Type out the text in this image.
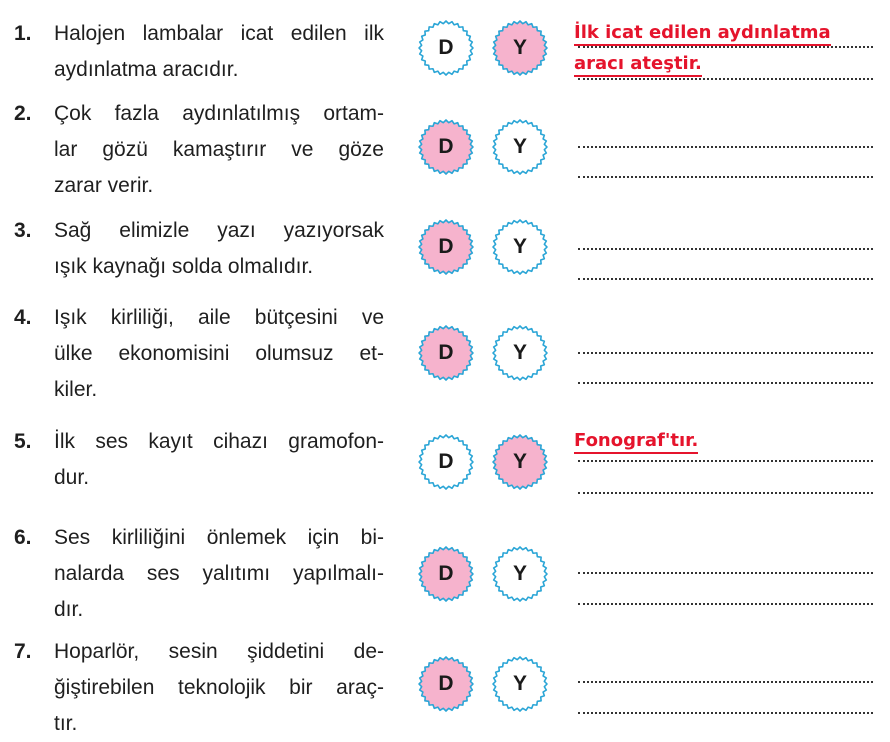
1. Halojen lambalar icat edilen ilk
aydınlatma aracıdır.
D	Y
İlk icat edilen aydınlatma
aracı ateştir.
2. Çok fazla aydınlatılmış ortam-
lar gözü kamaştırır ve göze
zarar verir.
D	Y
3. Sağ elimizle yazı yazıyorsak
ışık kaynağı solda olmalıdır.
D	Y
4. Işık kirliliği, aile bütçesini ve
ülke ekonomisini olumsuz et-
kiler.
D	Y
5. İlk ses kayıt cihazı gramofon-
dur.
D	Y
Fonograf'tır.
6. Ses kirliliğini önlemek için bi-
nalarda ses yalıtımı yapılmalı-
dır.
D	Y
7. Hoparlör, sesin şiddetini de-
ğiştirebilen teknolojik bir araç-
tır.
D	Y
